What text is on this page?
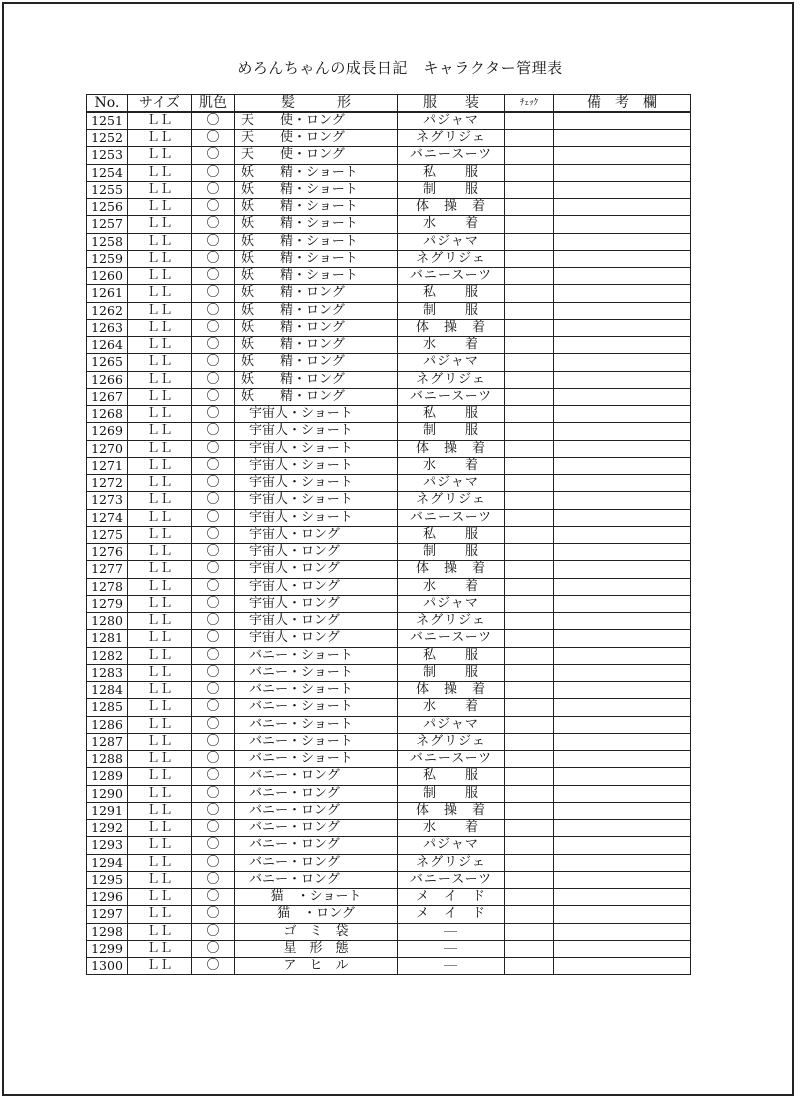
めろんちゃんの成長日記　キャラクター管理表
No.	サイズ	肌色	髪　　　形	服　　装	ﾁｪｯｸ	備　考　欄
1251	ＬＬ	〇	天　　使・ロング	パジャマ		
1252	ＬＬ	〇	天　　使・ロング	ネグリジェ		
1253	ＬＬ	〇	天　　使・ロング	バニースーツ		
1254	ＬＬ	〇	妖　　精・ショート	私　　服		
1255	ＬＬ	〇	妖　　精・ショート	制　　服		
1256	ＬＬ	〇	妖　　精・ショート	体　操　着		
1257	ＬＬ	〇	妖　　精・ショート	水　　着		
1258	ＬＬ	〇	妖　　精・ショート	パジャマ		
1259	ＬＬ	〇	妖　　精・ショート	ネグリジェ		
1260	ＬＬ	〇	妖　　精・ショート	バニースーツ		
1261	ＬＬ	〇	妖　　精・ロング	私　　服		
1262	ＬＬ	〇	妖　　精・ロング	制　　服		
1263	ＬＬ	〇	妖　　精・ロング	体　操　着		
1264	ＬＬ	〇	妖　　精・ロング	水　　着		
1265	ＬＬ	〇	妖　　精・ロング	パジャマ		
1266	ＬＬ	〇	妖　　精・ロング	ネグリジェ		
1267	ＬＬ	〇	妖　　精・ロング	バニースーツ		
1268	ＬＬ	〇	宇宙人・ショート	私　　服		
1269	ＬＬ	〇	宇宙人・ショート	制　　服		
1270	ＬＬ	〇	宇宙人・ショート	体　操　着		
1271	ＬＬ	〇	宇宙人・ショート	水　　着		
1272	ＬＬ	〇	宇宙人・ショート	パジャマ		
1273	ＬＬ	〇	宇宙人・ショート	ネグリジェ		
1274	ＬＬ	〇	宇宙人・ショート	バニースーツ		
1275	ＬＬ	〇	宇宙人・ロング	私　　服		
1276	ＬＬ	〇	宇宙人・ロング	制　　服		
1277	ＬＬ	〇	宇宙人・ロング	体　操　着		
1278	ＬＬ	〇	宇宙人・ロング	水　　着		
1279	ＬＬ	〇	宇宙人・ロング	パジャマ		
1280	ＬＬ	〇	宇宙人・ロング	ネグリジェ		
1281	ＬＬ	〇	宇宙人・ロング	バニースーツ		
1282	ＬＬ	〇	バニー・ショート	私　　服		
1283	ＬＬ	〇	バニー・ショート	制　　服		
1284	ＬＬ	〇	バニー・ショート	体　操　着		
1285	ＬＬ	〇	バニー・ショート	水　　着		
1286	ＬＬ	〇	バニー・ショート	パジャマ		
1287	ＬＬ	〇	バニー・ショート	ネグリジェ		
1288	ＬＬ	〇	バニー・ショート	バニースーツ		
1289	ＬＬ	〇	バニー・ロング	私　　服		
1290	ＬＬ	〇	バニー・ロング	制　　服		
1291	ＬＬ	〇	バニー・ロング	体　操　着		
1292	ＬＬ	〇	バニー・ロング	水　　着		
1293	ＬＬ	〇	バニー・ロング	パジャマ		
1294	ＬＬ	〇	バニー・ロング	ネグリジェ		
1295	ＬＬ	〇	バニー・ロング	バニースーツ		
1296	ＬＬ	〇	猫　・ショート	メ　イ　ド		
1297	ＬＬ	〇	猫　・ロング	メ　イ　ド		
1298	ＬＬ	〇	ゴ　ミ　袋	―		
1299	ＬＬ	〇	星　形　態	―		
1300	ＬＬ	〇	ア　ヒ　ル	―		
